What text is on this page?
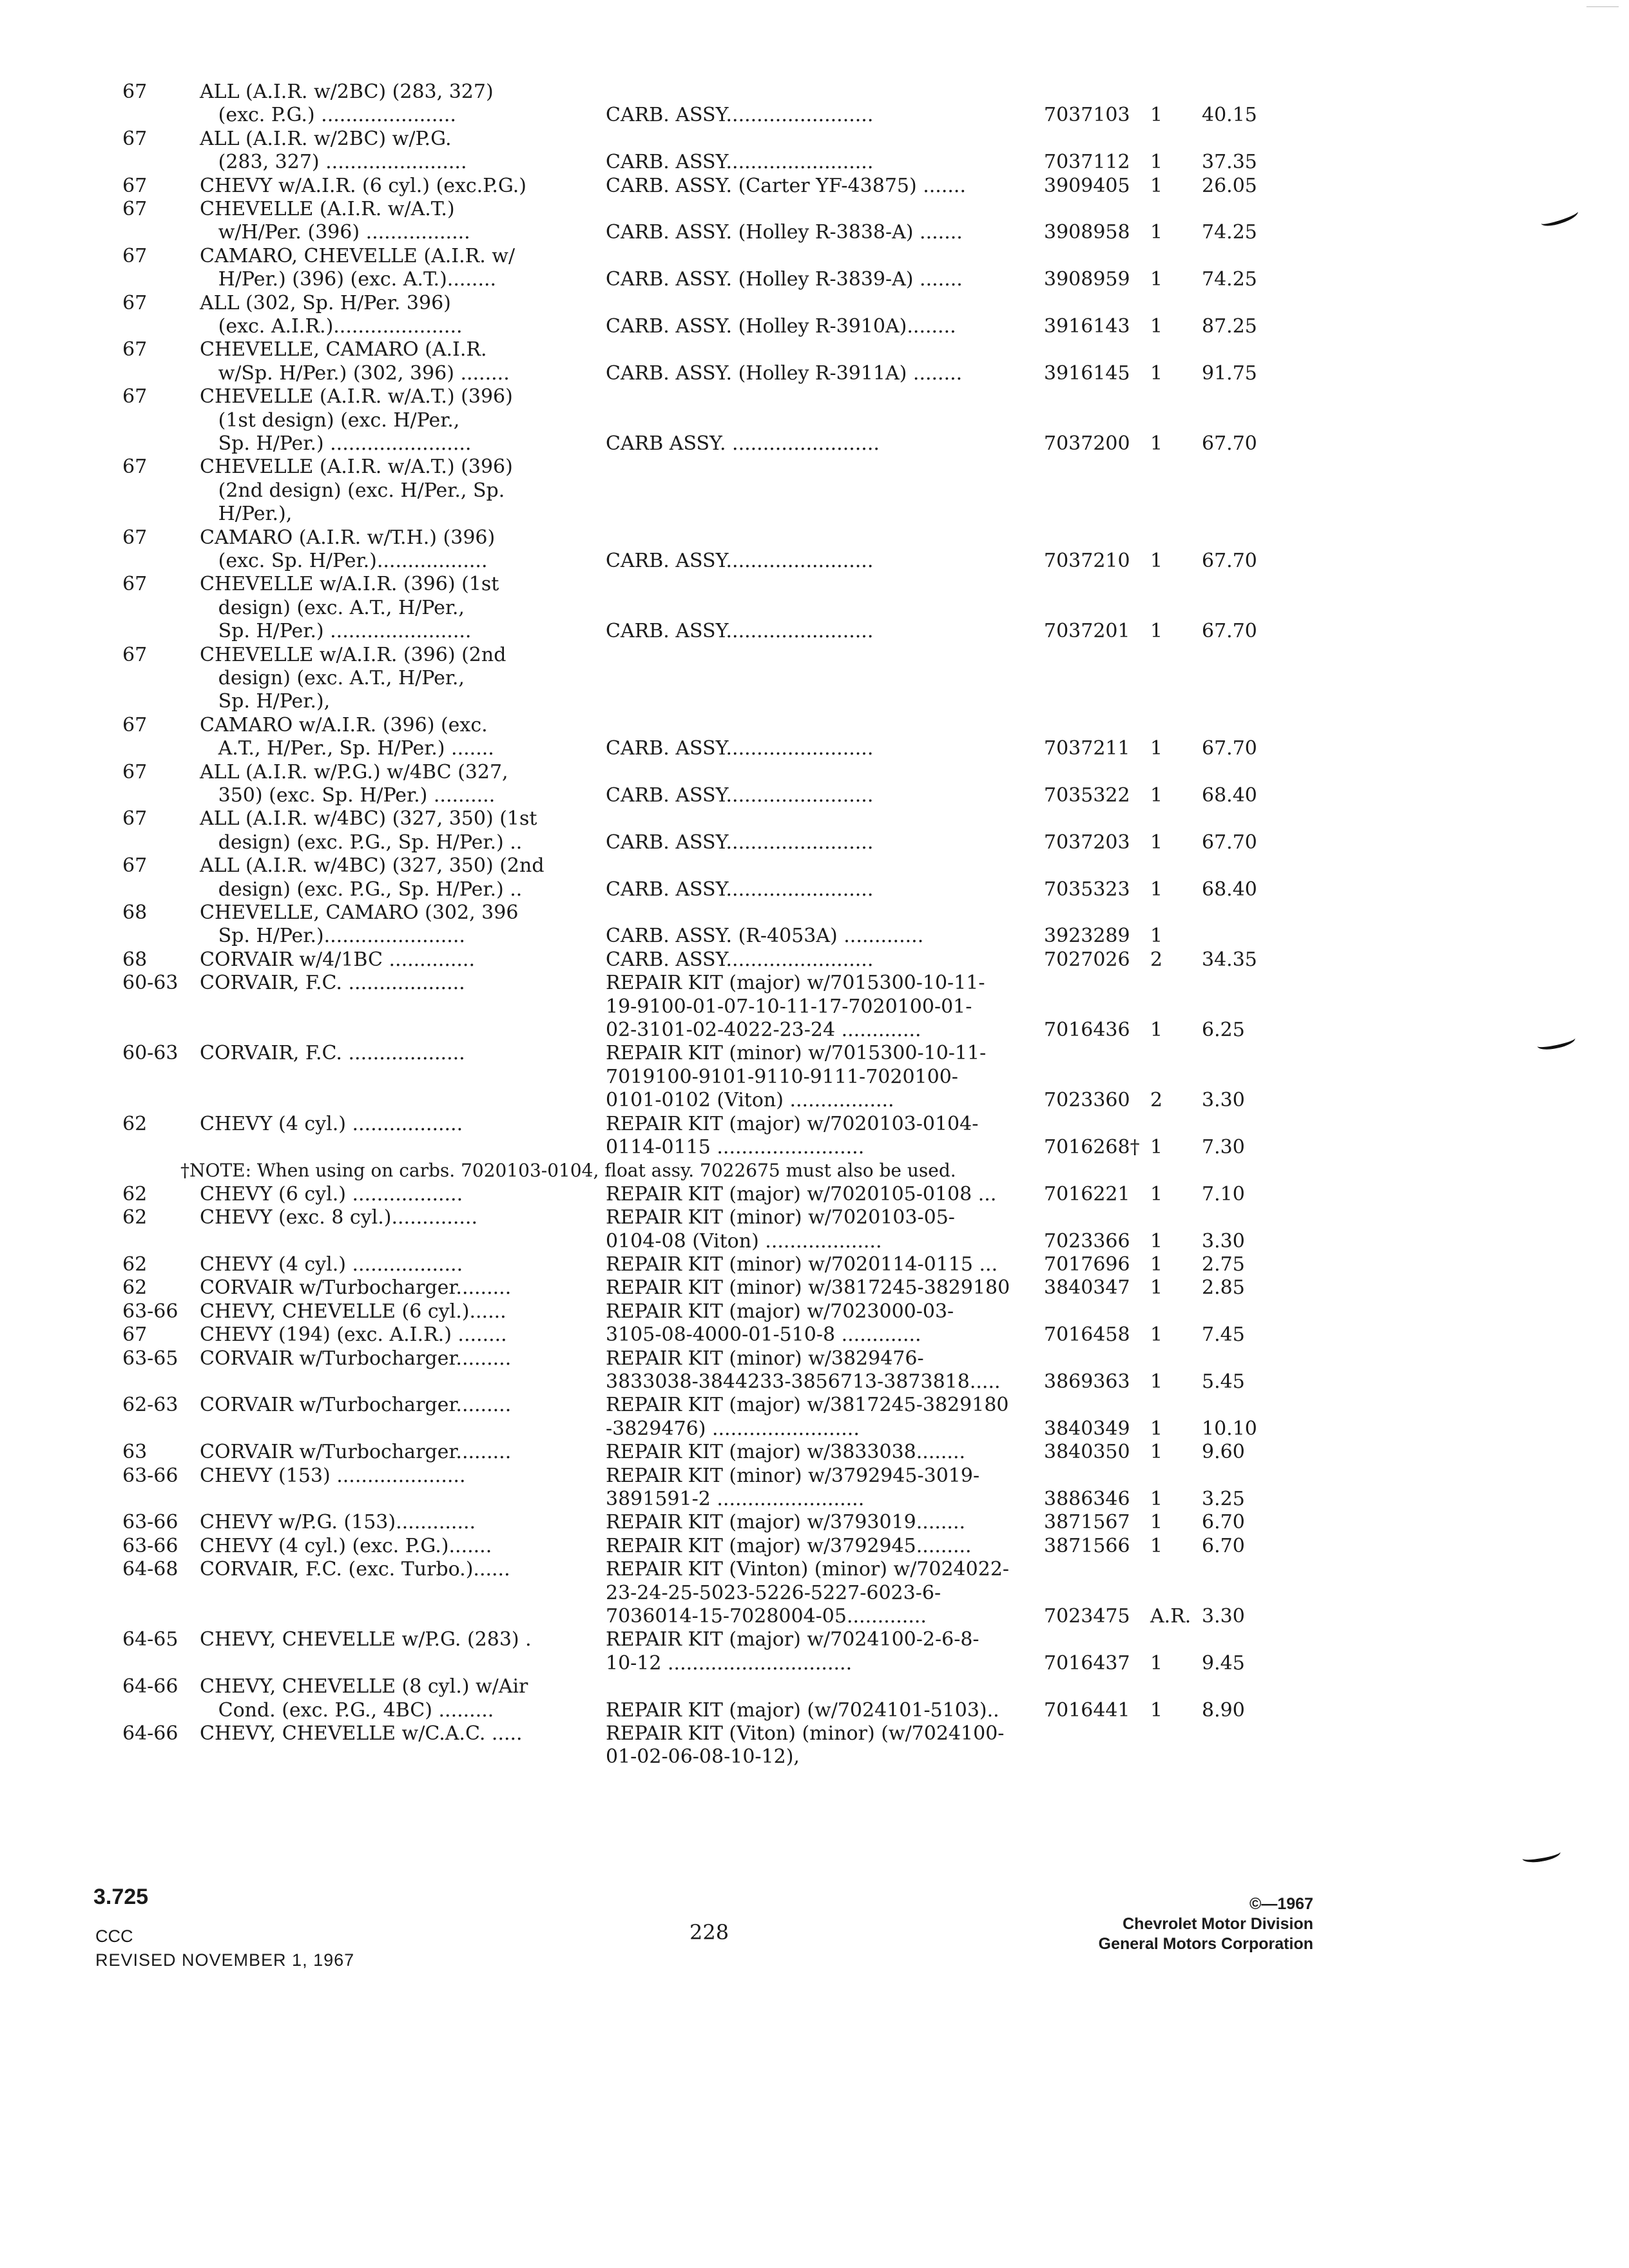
67	ALL (A.I.R. w/2BC) (283, 327)
(exc. P.G.) ......................	CARB. ASSY........................	7037103 1 40.15
67	ALL (A.I.R. w/2BC) w/P.G.
(283, 327) .......................	CARB. ASSY........................	7037112 1 37.35
67	CHEVY w/A.I.R. (6 cyl.) (exc.P.G.)	CARB. ASSY. (Carter YF-43875) .......	3909405 1 26.05
67	CHEVELLE (A.I.R. w/A.T.)
w/H/Per. (396) .................	CARB. ASSY. (Holley R-3838-A) .......	3908958 1 74.25
67	CAMARO, CHEVELLE (A.I.R. w/
H/Per.) (396) (exc. A.T.)........	CARB. ASSY. (Holley R-3839-A) .......	3908959 1 74.25
67	ALL (302, Sp. H/Per. 396)
(exc. A.I.R.).....................	CARB. ASSY. (Holley R-3910A)........	3916143 1 87.25
67	CHEVELLE, CAMARO (A.I.R.
w/Sp. H/Per.) (302, 396) ........	CARB. ASSY. (Holley R-3911A) ........	3916145 1 91.75
67	CHEVELLE (A.I.R. w/A.T.) (396)
(1st design) (exc. H/Per.,
Sp. H/Per.) .......................	CARB ASSY. ........................	7037200 1 67.70
67	CHEVELLE (A.I.R. w/A.T.) (396)
(2nd design) (exc. H/Per., Sp.
H/Per.),
67	CAMARO (A.I.R. w/T.H.) (396)
(exc. Sp. H/Per.)..................	CARB. ASSY........................	7037210 1 67.70
67	CHEVELLE w/A.I.R. (396) (1st
design) (exc. A.T., H/Per.,
Sp. H/Per.) .......................	CARB. ASSY........................	7037201 1 67.70
67	CHEVELLE w/A.I.R. (396) (2nd
design) (exc. A.T., H/Per.,
Sp. H/Per.),
67	CAMARO w/A.I.R. (396) (exc.
A.T., H/Per., Sp. H/Per.) .......	CARB. ASSY........................	7037211 1 67.70
67	ALL (A.I.R. w/P.G.) w/4BC (327,
350) (exc. Sp. H/Per.) ..........	CARB. ASSY........................	7035322 1 68.40
67	ALL (A.I.R. w/4BC) (327, 350) (1st
design) (exc. P.G., Sp. H/Per.) ..	CARB. ASSY........................	7037203 1 67.70
67	ALL (A.I.R. w/4BC) (327, 350) (2nd
design) (exc. P.G., Sp. H/Per.) ..	CARB. ASSY........................	7035323 1 68.40
68	CHEVELLE, CAMARO (302, 396
Sp. H/Per.).......................	CARB. ASSY. (R-4053A) .............	3923289 1
68	CORVAIR w/4/1BC ..............	CARB. ASSY........................	7027026 2 34.35
60-63 CORVAIR, F.C. ...................	REPAIR KIT (major) w/7015300-10-11-
19-9100-01-07-10-11-17-7020100-01-
02-3101-02-4022-23-24 .............	7016436 1 6.25
60-63 CORVAIR, F.C. ...................	REPAIR KIT (minor) w/7015300-10-11-
7019100-9101-9110-9111-7020100-
0101-0102 (Viton) .................	7023360 2 3.30
62	CHEVY (4 cyl.) ..................	REPAIR KIT (major) w/7020103-0104-
0114-0115 ........................	7016268† 1 7.30
†NOTE: When using on carbs. 7020103-0104, float assy. 7022675 must also be used.
62	CHEVY (6 cyl.) ..................	REPAIR KIT (major) w/7020105-0108 ... 7016221 1 7.10
62	CHEVY (exc. 8 cyl.)..............	REPAIR KIT (minor) w/7020103-05-
0104-08 (Viton) ...................	7023366 1 3.30
62	CHEVY (4 cyl.) ..................	REPAIR KIT (minor) w/7020114-0115 ... 7017696 1 2.75
62	CORVAIR w/Turbocharger.........	REPAIR KIT (minor) w/3817245-3829180 3840347 1 2.85
63-66 CHEVY, CHEVELLE (6 cyl.)......	REPAIR KIT (major) w/7023000-03-
67	CHEVY (194) (exc. A.I.R.) ........	3105-08-4000-01-510-8 .............	7016458 1 7.45
63-65 CORVAIR w/Turbocharger.........	REPAIR KIT (minor) w/3829476-
3833038-3844233-3856713-3873818..... 3869363 1 5.45
62-63 CORVAIR w/Turbocharger.........	REPAIR KIT (major) w/3817245-3829180
-3829476) ........................	3840349 1 10.10
63	CORVAIR w/Turbocharger.........	REPAIR KIT (major) w/3833038........	3840350 1 9.60
63-66 CHEVY (153) .....................	REPAIR KIT (minor) w/3792945-3019-
3891591-2 ........................	3886346 1 3.25
63-66 CHEVY w/P.G. (153).............	REPAIR KIT (major) w/3793019........	3871567 1 6.70
63-66 CHEVY (4 cyl.) (exc. P.G.).......	REPAIR KIT (major) w/3792945.........	3871566 1 6.70
64-68 CORVAIR, F.C. (exc. Turbo.)......	REPAIR KIT (Vinton) (minor) w/7024022-
23-24-25-5023-5226-5227-6023-6-
7036014-15-7028004-05.............	7023475 A.R. 3.30
64-65 CHEVY, CHEVELLE w/P.G. (283) .	REPAIR KIT (major) w/7024100-2-6-8-
10-12 ..............................	7016437 1 9.45
64-66 CHEVY, CHEVELLE (8 cyl.) w/Air
Cond. (exc. P.G., 4BC) .........	REPAIR KIT (major) (w/7024101-5103).. 7016441 1 8.90
64-66 CHEVY, CHEVELLE w/C.A.C. .....	REPAIR KIT (Viton) (minor) (w/7024100-
01-02-06-08-10-12),
3.725
CCC
REVISED NOVEMBER 1, 1967
228
©—1967
Chevrolet Motor Division
General Motors Corporation
